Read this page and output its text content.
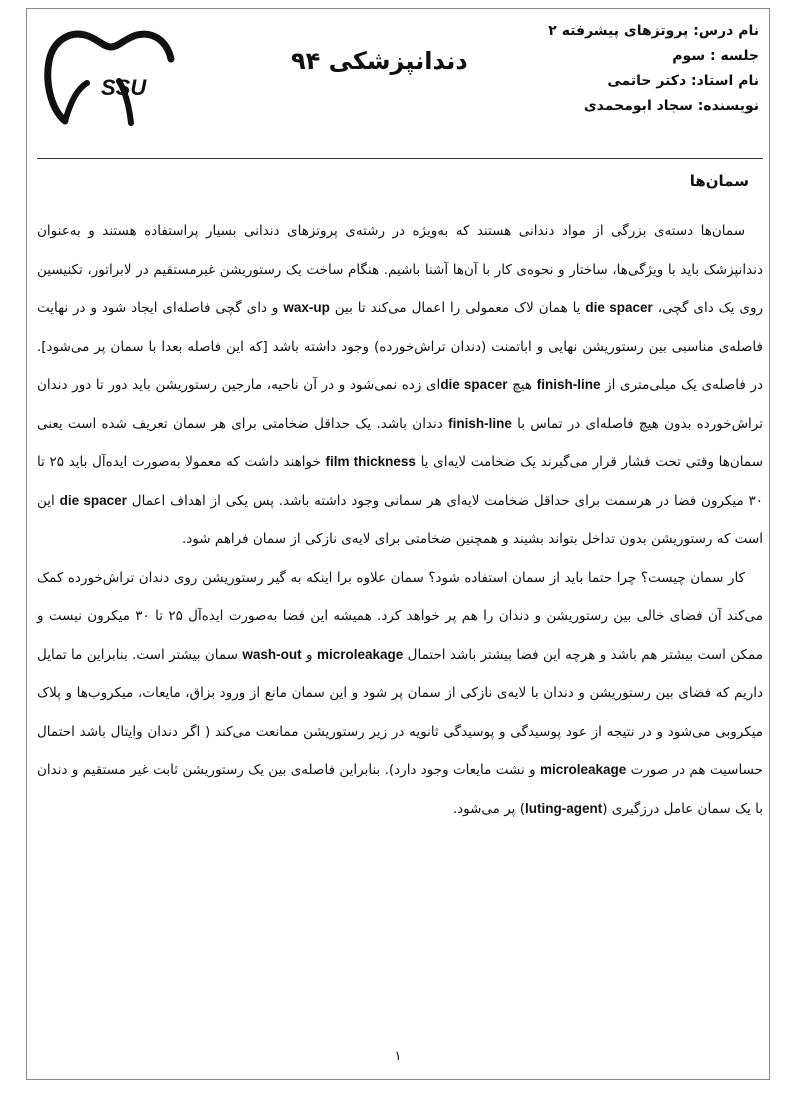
نام درس: پروتزهای پیشرفته ۲
جلسه : سوم
نام استاد: دکتر حاتمی
نویسنده: سجاد ابومحمدی
SSU
دندانپزشکی ۹۴
سمان‌ها

سمان‌ها دسته‌ی بزرگی از مواد دندانی هستند که به‌ویژه در رشته‌ی پروتزهای دندانی بسیار پراستفاده هستند و به‌عنوان دندانپزشک باید با ویژگی‌ها، ساختار و نحوه‌ی کار با آن‌ها آشنا باشیم. هنگام ساخت یک رستوریشن غیرمستقیم در لابراتور، تکنیسین روی یک دای گچی، die spacer یا همان لاک معمولی را اعمال می‌کند تا بین wax-up و دای گچی فاصله‌ای ایجاد شود و در نهایت فاصله‌ی مناسبی بین رستوریشن نهایی و اباتمنت (دندان تراش‌خورده) وجود داشته باشد [که این فاصله بعدا با سمان پر می‌شود]. در فاصله‌ی یک میلی‌متری از finish-line هیچ die spacerای زده نمی‌شود و در آن ناحیه، مارجین رستوریشن باید دور تا دور دندان تراش‌خورده بدون هیچ فاصله‌ای در تماس با finish-line دندان باشد. یک حداقل ضخامتی برای هر سمان تعریف شده است یعنی سمان‌ها وقتی تحت فشار قرار می‌گیرند یک ضخامت لایه‌ای یا film thickness خواهند داشت که معمولا به‌صورت ایده‌آل باید ۲۵ تا ۳۰ میکرون فضا در هرسمت برای حداقل ضخامت لایه‌ای هر سمانی وجود داشته باشد. پس یکی از اهداف اعمال die spacer این است که رستوریشن بدون تداخل بتواند بشیند و همچنین ضخامتی برای لایه‌ی نازکی از سمان فراهم شود.

کار سمان چیست؟ چرا حتما باید از سمان استفاده شود؟ سمان علاوه برا اینکه به گیر رستوریشن روی دندان تراش‌خورده کمک می‌کند آن فضای خالی بین رستوریشن و دندان را هم پر خواهد کرد. همیشه این فضا به‌صورت ایده‌آل ۲۵ تا ۳۰ میکرون نیست و ممکن است بیشتر هم باشد و هرچه این فضا بیشتر باشد احتمال microleakage و wash-out سمان بیشتر است. بنابراین ما تمایل داریم که فضای بین رستوریشن و دندان با لایه‌ی نازکی از سمان پر شود و این سمان مانع از ورود بزاق، مایعات، میکروب‌ها و پلاک میکروبی می‌شود و در نتیجه از عود پوسیدگی و پوسیدگی ثانویه در زیر رستوریشن ممانعت می‌کند ( اگر دندان وایتال باشد احتمال حساسیت هم در صورت microleakage و نشت مایعات وجود دارد). بنابراین فاصله‌ی بین یک رستوریشن ثابت غیر مستقیم و دندان با یک سمان عامل درزگیری (luting-agent) پر می‌شود.

۱
